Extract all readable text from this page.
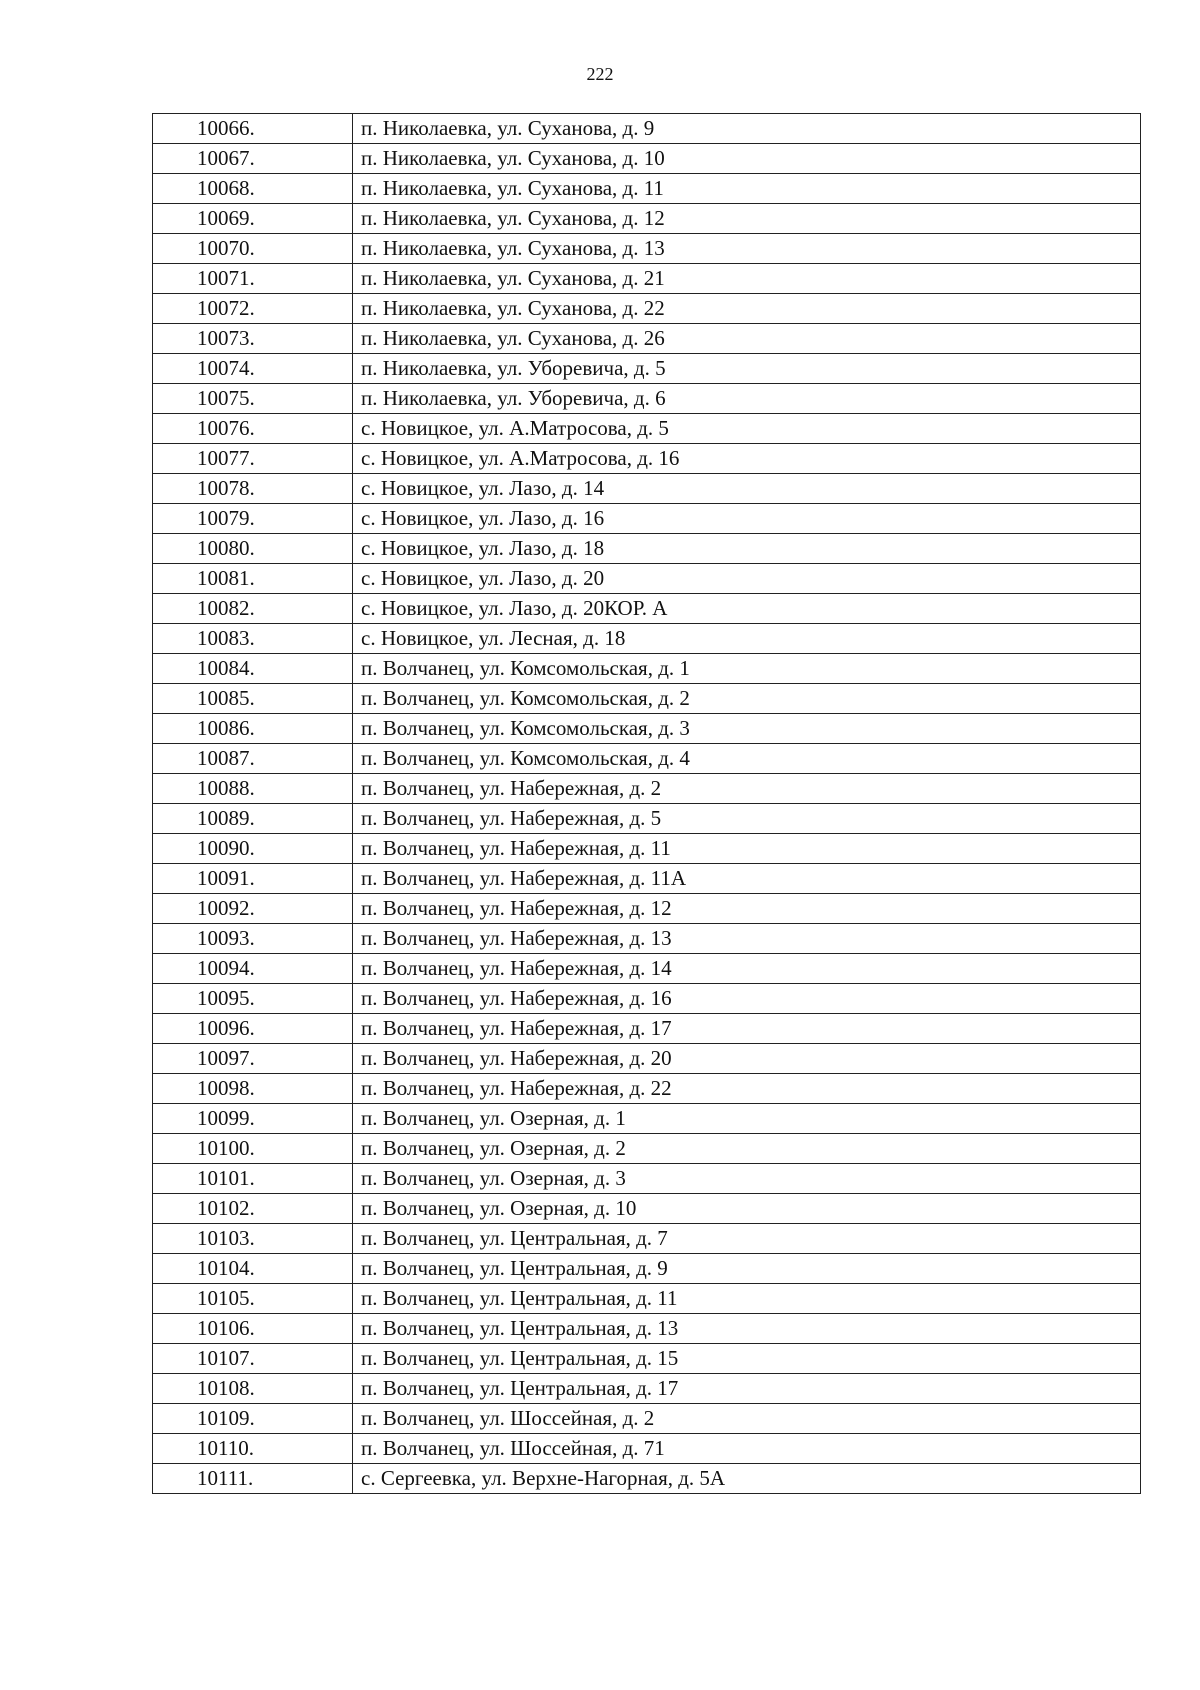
222
10066.	п. Николаевка, ул. Суханова, д. 9
10067.	п. Николаевка, ул. Суханова, д. 10
10068.	п. Николаевка, ул. Суханова, д. 11
10069.	п. Николаевка, ул. Суханова, д. 12
10070.	п. Николаевка, ул. Суханова, д. 13
10071.	п. Николаевка, ул. Суханова, д. 21
10072.	п. Николаевка, ул. Суханова, д. 22
10073.	п. Николаевка, ул. Суханова, д. 26
10074.	п. Николаевка, ул. Уборевича, д. 5
10075.	п. Николаевка, ул. Уборевича, д. 6
10076.	с. Новицкое, ул. А.Матросова, д. 5
10077.	с. Новицкое, ул. А.Матросова, д. 16
10078.	с. Новицкое, ул. Лазо, д. 14
10079.	с. Новицкое, ул. Лазо, д. 16
10080.	с. Новицкое, ул. Лазо, д. 18
10081.	с. Новицкое, ул. Лазо, д. 20
10082.	с. Новицкое, ул. Лазо, д. 20КОР. А
10083.	с. Новицкое, ул. Лесная, д. 18
10084.	п. Волчанец, ул. Комсомольская, д. 1
10085.	п. Волчанец, ул. Комсомольская, д. 2
10086.	п. Волчанец, ул. Комсомольская, д. 3
10087.	п. Волчанец, ул. Комсомольская, д. 4
10088.	п. Волчанец, ул. Набережная, д. 2
10089.	п. Волчанец, ул. Набережная, д. 5
10090.	п. Волчанец, ул. Набережная, д. 11
10091.	п. Волчанец, ул. Набережная, д. 11А
10092.	п. Волчанец, ул. Набережная, д. 12
10093.	п. Волчанец, ул. Набережная, д. 13
10094.	п. Волчанец, ул. Набережная, д. 14
10095.	п. Волчанец, ул. Набережная, д. 16
10096.	п. Волчанец, ул. Набережная, д. 17
10097.	п. Волчанец, ул. Набережная, д. 20
10098.	п. Волчанец, ул. Набережная, д. 22
10099.	п. Волчанец, ул. Озерная, д. 1
10100.	п. Волчанец, ул. Озерная, д. 2
10101.	п. Волчанец, ул. Озерная, д. 3
10102.	п. Волчанец, ул. Озерная, д. 10
10103.	п. Волчанец, ул. Центральная, д. 7
10104.	п. Волчанец, ул. Центральная, д. 9
10105.	п. Волчанец, ул. Центральная, д. 11
10106.	п. Волчанец, ул. Центральная, д. 13
10107.	п. Волчанец, ул. Центральная, д. 15
10108.	п. Волчанец, ул. Центральная, д. 17
10109.	п. Волчанец, ул. Шоссейная, д. 2
10110.	п. Волчанец, ул. Шоссейная, д. 71
10111.	с. Сергеевка, ул. Верхне-Нагорная, д. 5А
